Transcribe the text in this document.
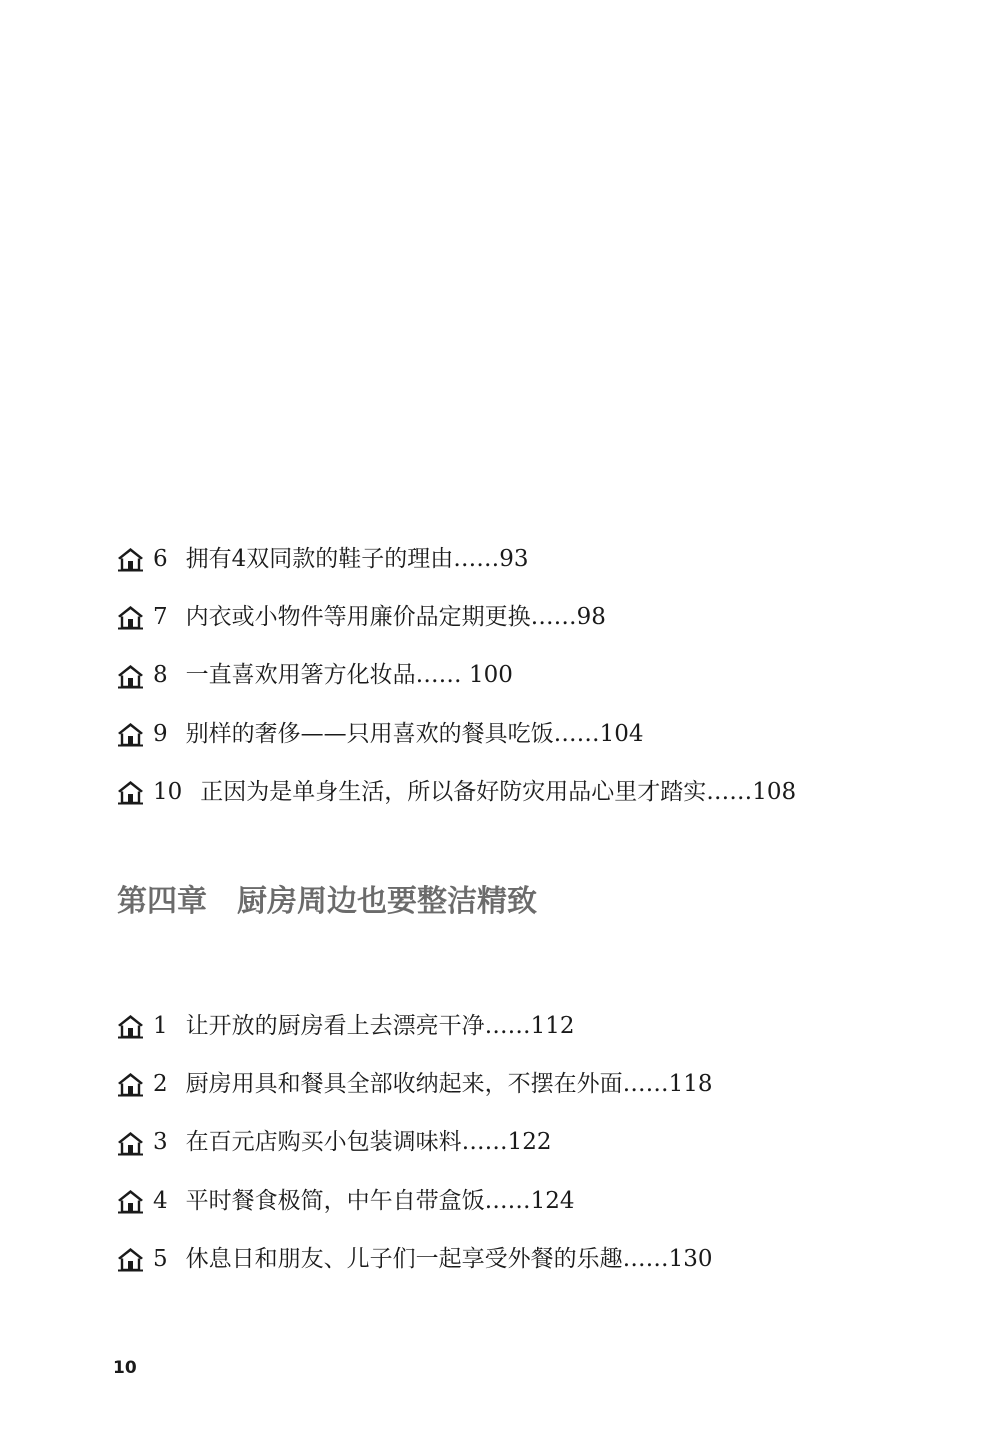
6 拥有4双同款的鞋子的理由…… 93
7 内衣或小物件等用廉价品定期更换…… 98
8 一直喜欢用箸方化妆品…… 100
9 别样的奢侈——只用喜欢的餐具吃饭…… 104
10 正因为是单身生活，所以备好防灾用品心里才踏实…… 108
第四章 厨房周边也要整洁精致
1 让开放的厨房看上去漂亮干净…… 112
2 厨房用具和餐具全部收纳起来，不摆在外面…… 118
3 在百元店购买小包装调味料…… 122
4 平时餐食极简，中午自带盒饭…… 124
5 休息日和朋友、儿子们一起享受外餐的乐趣…… 130
10
